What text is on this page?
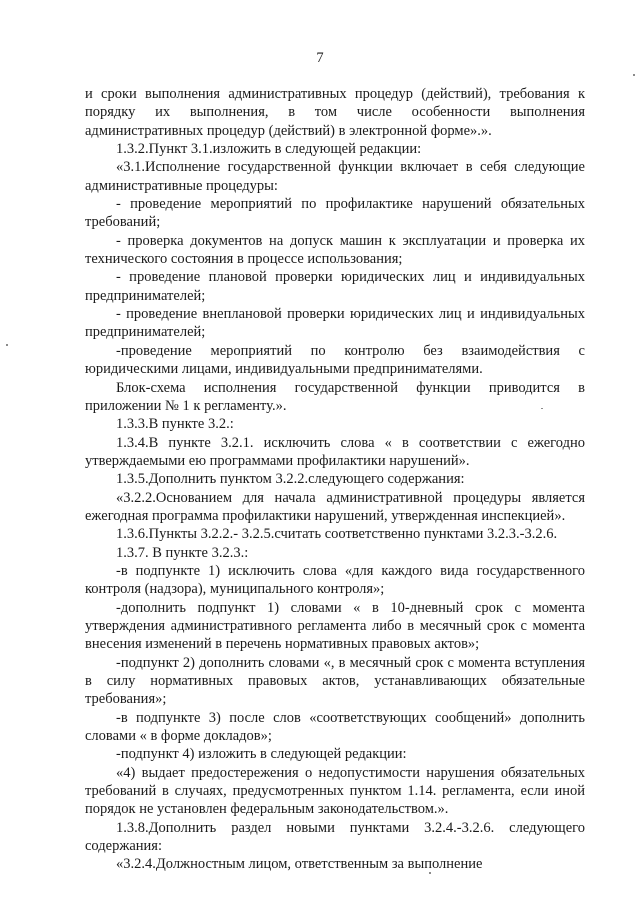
7

и сроки выполнения административных процедур (действий), требования к порядку их выполнения, в том числе особенности выполнения административных процедур (действий) в электронной форме».».

1.3.2.Пункт 3.1.изложить в следующей редакции:

«3.1.Исполнение государственной функции включает в себя следующие административные процедуры:

- проведение мероприятий по профилактике нарушений обязательных требований;

- проверка документов на допуск машин к эксплуатации и проверка их технического состояния в процессе использования;

- проведение плановой проверки юридических лиц и индивидуальных предпринимателей;

- проведение внеплановой проверки юридических лиц и индивидуальных предпринимателей;

-проведение мероприятий по контролю без взаимодействия с юридическими лицами, индивидуальными предпринимателями.

Блок-схема исполнения государственной функции приводится в приложении № 1 к регламенту.».

1.3.3.В пункте 3.2.:

1.3.4.В пункте 3.2.1. исключить слова « в соответствии с ежегодно утверждаемыми ею программами профилактики нарушений».

1.3.5.Дополнить пунктом 3.2.2.следующего содержания:

«3.2.2.Основанием для начала административной процедуры является ежегодная программа профилактики нарушений, утвержденная инспекцией».

1.3.6.Пункты 3.2.2.- 3.2.5.считать соответственно пунктами 3.2.3.-3.2.6.

1.3.7. В пункте 3.2.3.:

-в подпункте 1) исключить слова «для каждого вида государственного контроля (надзора), муниципального контроля»;

-дополнить подпункт 1) словами « в 10-дневный срок с момента утверждения административного регламента либо в месячный срок с момента внесения изменений в перечень нормативных правовых актов»;

-подпункт 2) дополнить словами «, в месячный срок с момента вступления в силу нормативных правовых актов, устанавливающих обязательные требования»;

-в подпункте 3) после слов «соответствующих сообщений» дополнить словами « в форме докладов»;

-подпункт 4) изложить в следующей редакции:

«4) выдает предостережения о недопустимости нарушения обязательных требований в случаях, предусмотренных пунктом 1.14. регламента, если иной порядок не установлен федеральным законодательством.».

1.3.8.Дополнить раздел новыми пунктами 3.2.4.-3.2.6. следующего содержания:

«3.2.4.Должностным лицом, ответственным за выполнение
